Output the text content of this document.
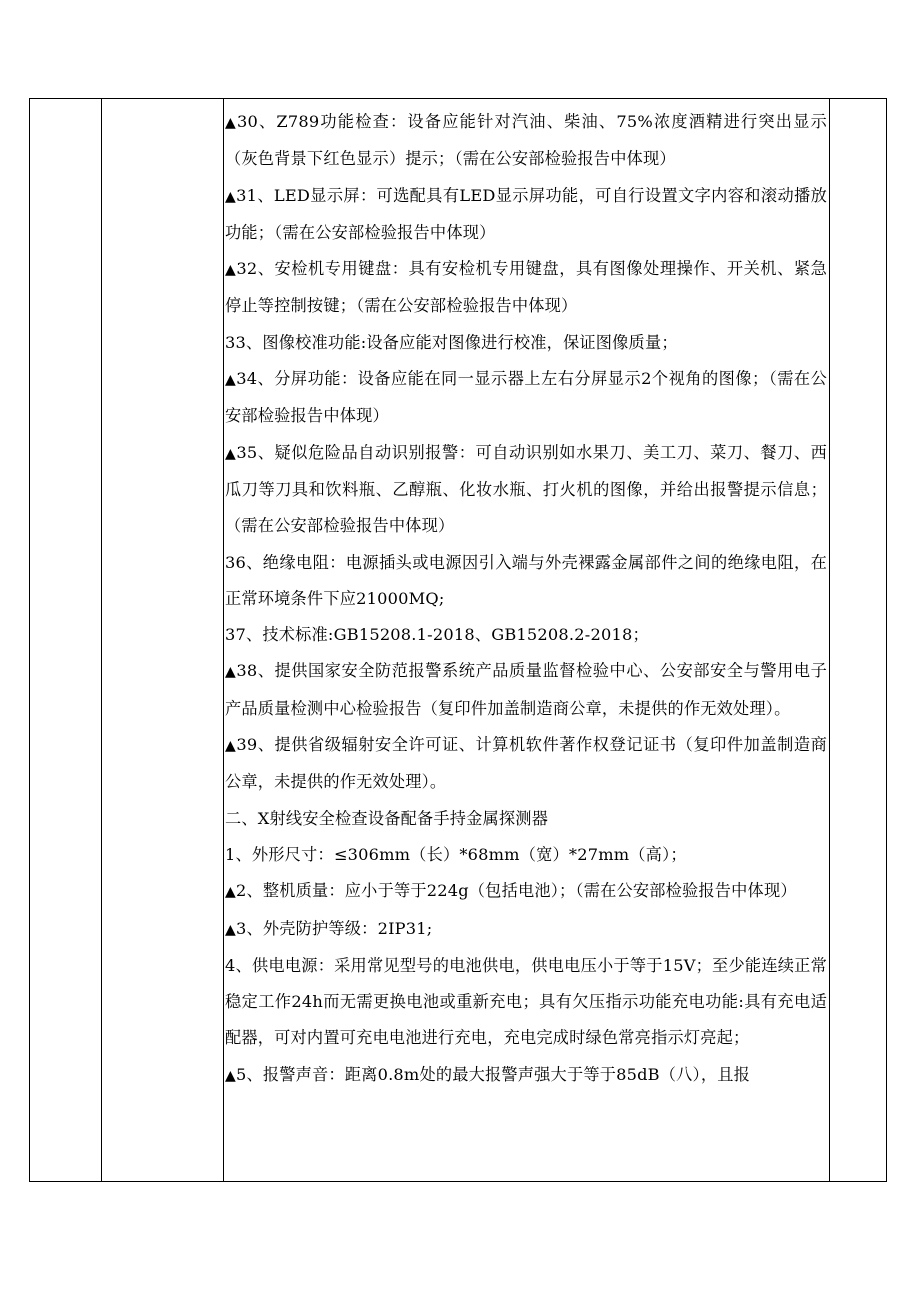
▲30、Z789功能检查：设备应能针对汽油、柴油、75%浓度酒精进行突出显示（灰色背景下红色显示）提示；（需在公安部检验报告中体现）

▲31、LED显示屏：可选配具有LED显示屏功能，可自行设置文字内容和滚动播放功能；（需在公安部检验报告中体现）

▲32、安检机专用键盘：具有安检机专用键盘，具有图像处理操作、开关机、紧急停止等控制按键；（需在公安部检验报告中体现）

33、图像校准功能:设备应能对图像进行校准，保证图像质量；

▲34、分屏功能：设备应能在同一显示器上左右分屏显示2个视角的图像；（需在公安部检验报告中体现）

▲35、疑似危险品自动识别报警：可自动识别如水果刀、美工刀、菜刀、餐刀、西瓜刀等刀具和饮料瓶、乙醇瓶、化妆水瓶、打火机的图像，并给出报警提示信息；（需在公安部检验报告中体现）

36、绝缘电阻：电源插头或电源因引入端与外壳裸露金属部件之间的绝缘电阻，在正常环境条件下应21000MQ;

37、技术标准:GB15208.1-2018、GB15208.2-2018；

▲38、提供国家安全防范报警系统产品质量监督检验中心、公安部安全与警用电子产品质量检测中心检验报告（复印件加盖制造商公章，未提供的作无效处理）。

▲39、提供省级辐射安全许可证、计算机软件著作权登记证书（复印件加盖制造商公章，未提供的作无效处理）。

二、X射线安全检查设备配备手持金属探测器

1、外形尺寸：≤306mm（长）*68mm（宽）*27mm（高）；

▲2、整机质量：应小于等于224g（包括电池）；（需在公安部检验报告中体现）

▲3、外壳防护等级：2IP31;

4、供电电源：采用常见型号的电池供电，供电电压小于等于15V；至少能连续正常稳定工作24h而无需更换电池或重新充电；具有欠压指示功能充电功能:具有充电适配器，可对内置可充电电池进行充电，充电完成时绿色常亮指示灯亮起；

▲5、报警声音：距离0.8m处的最大报警声强大于等于85dB（八），且报
